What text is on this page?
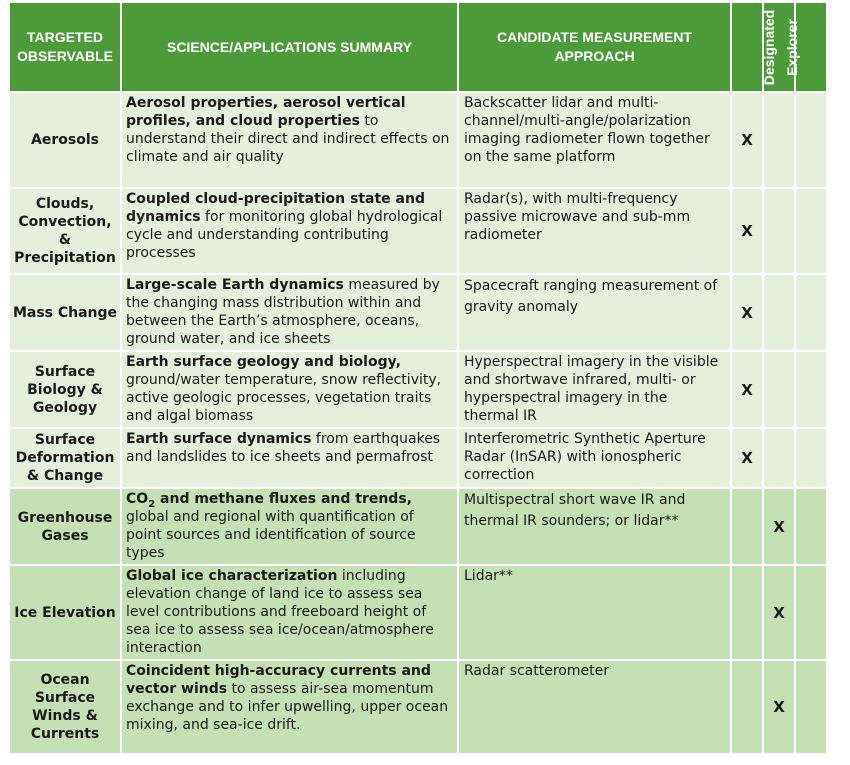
TARGETED OBSERVABLE	SCIENCE/APPLICATIONS SUMMARY	CANDIDATE MEASUREMENT APPROACH	Designated	Explorer	Incubation
Aerosols	Aerosol properties, aerosol vertical profiles, and cloud properties to understand their direct and indirect effects on climate and air quality	Backscatter lidar and multi-channel/multi-angle/polarization imaging radiometer flown together on the same platform	X		
Clouds, Convection, & Precipitation	Coupled cloud-precipitation state and dynamics for monitoring global hydrological cycle and understanding contributing processes	Radar(s), with multi-frequency passive microwave and sub-mm radiometer	X		
Mass Change	Large-scale Earth dynamics measured by the changing mass distribution within and between the Earth’s atmosphere, oceans, ground water, and ice sheets	Spacecraft ranging measurement of gravity anomaly	X		
Surface Biology & Geology	Earth surface geology and biology, ground/water temperature, snow reflectivity, active geologic processes, vegetation traits and algal biomass	Hyperspectral imagery in the visible and shortwave infrared, multi- or hyperspectral imagery in the thermal IR	X		
Surface Deformation & Change	Earth surface dynamics from earthquakes and landslides to ice sheets and permafrost	Interferometric Synthetic Aperture Radar (InSAR) with ionospheric correction	X		
Greenhouse Gases	$CO_2$ and methane fluxes and trends, global and regional with quantification of point sources and identification of source types	Multispectral short wave IR and thermal IR sounders; or lidar**		X	
Ice Elevation	Global ice characterization including elevation change of land ice to assess sea level contributions and freeboard height of sea ice to assess sea ice/ocean/atmosphere interaction	Lidar**		X	
Ocean Surface Winds & Currents	Coincident high-accuracy currents and vector winds to assess air-sea momentum exchange and to infer upwelling, upper ocean mixing, and sea-ice drift.	Radar scatterometer		X	
